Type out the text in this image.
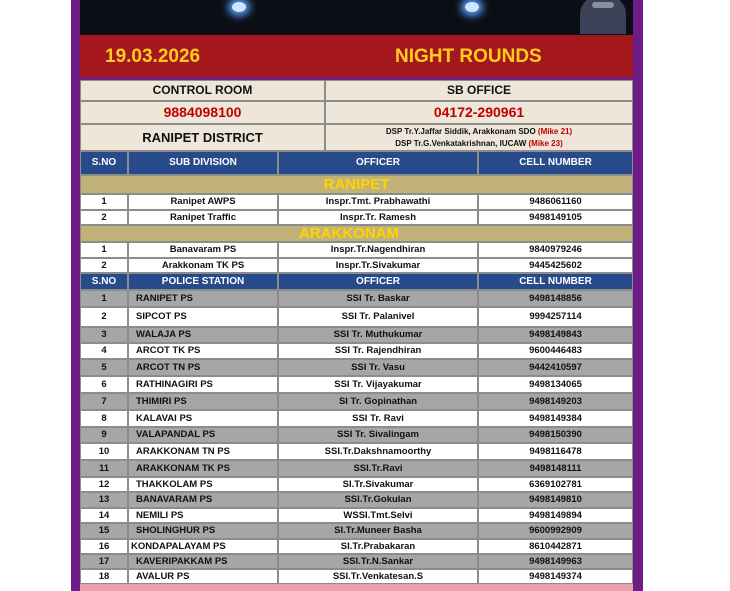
19.03.2026	NIGHT ROUNDS
CONTROL ROOM	SB OFFICE
9884098100	04172-290961
RANIPET DISTRICT	DSP Tr.Y.Jaffar Siddik, Arakkonam SDO (Mike 21)
DSP Tr.G.Venkatakrishnan, IUCAW (Mike 23)
S.NO	SUB DIVISION	OFFICER	CELL NUMBER
RANIPET
1	Ranipet AWPS	Inspr.Tmt. Prabhawathi	9486061160
2	Ranipet Traffic	Inspr.Tr. Ramesh	9498149105
ARAKKONAM
1	Banavaram PS	Inspr.Tr.Nagendhiran	9840979246
2	Arakkonam TK PS	Inspr.Tr.Sivakumar	9445425602
S.NO	POLICE STATION	OFFICER	CELL NUMBER
1	RANIPET PS	SSI Tr. Baskar	9498148856
2	SIPCOT PS	SSI Tr. Palanivel	9994257114
3	WALAJA PS	SSI Tr. Muthukumar	9498149843
4	ARCOT TK PS	SSI Tr. Rajendhiran	9600446483
5	ARCOT TN PS	SSI Tr. Vasu	9442410597
6	RATHINAGIRI PS	SSI Tr. Vijayakumar	9498134065
7	THIMIRI PS	SI Tr. Gopinathan	9498149203
8	KALAVAI PS	SSI Tr. Ravi	9498149384
9	VALAPANDAL PS	SSI Tr. Sivalingam	9498150390
10	ARAKKONAM TN PS	SSI.Tr.Dakshnamoorthy	9498116478
11	ARAKKONAM TK PS	SSI.Tr.Ravi	9498148111
12	THAKKOLAM PS	SI.Tr.Sivakumar	6369102781
13	BANAVARAM PS	SSI.Tr.Gokulan	9498149810
14	NEMILI PS	WSSI.Tmt.Selvi	9498149894
15	SHOLINGHUR PS	SI.Tr.Muneer Basha	9600992909
16	KONDAPALAYAM PS	SI.Tr.Prabakaran	8610442871
17	KAVERIPAKKAM PS	SSI.Tr.N.Sankar	9498149963
18	AVALUR PS	SSI.Tr.Venkatesan.S	9498149374
